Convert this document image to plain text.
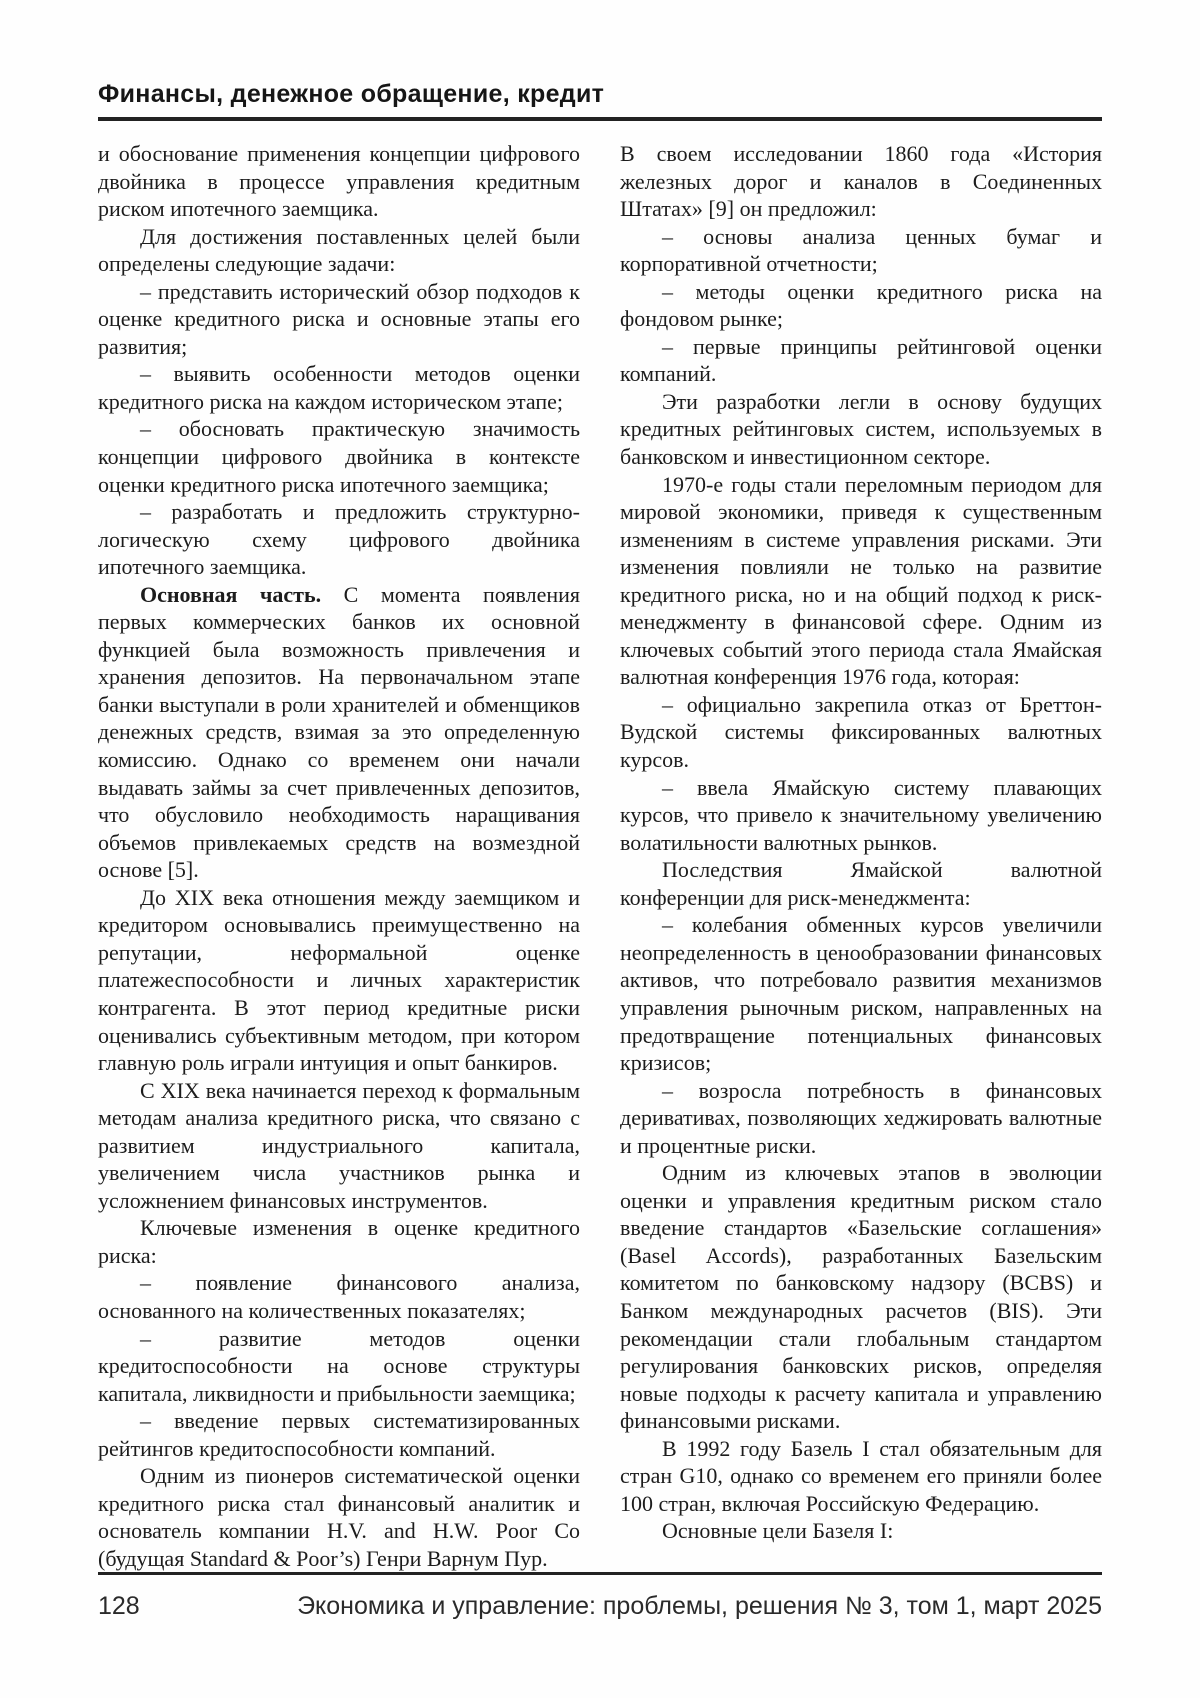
Финансы, денежное обращение, кредит

и обоснование применения концепции цифрового двойника в процессе управления кредитным риском ипотечного заемщика.

Для достижения поставленных целей были определены следующие задачи:

– представить исторический обзор подходов к оценке кредитного риска и основные этапы его развития;

– выявить особенности методов оценки кредитного риска на каждом историческом этапе;

– обосновать практическую значимость концепции цифрового двойника в контексте оценки кредитного риска ипотечного заемщика;

– разработать и предложить структурно-логическую схему цифрового двойника ипотечного заемщика.

Основная часть. С момента появления первых коммерческих банков их основной функцией была возможность привлечения и хранения депозитов. На первоначальном этапе банки выступали в роли хранителей и обменщиков денежных средств, взимая за это определенную комиссию. Однако со временем они начали выдавать займы за счет привлеченных депозитов, что обусловило необходимость наращивания объемов привлекаемых средств на возмездной основе [5].

До XIX века отношения между заемщиком и кредитором основывались преимущественно на репутации, неформальной оценке платежеспособности и личных характеристик контрагента. В этот период кредитные риски оценивались субъективным методом, при котором главную роль играли интуиция и опыт банкиров.

С XIX века начинается переход к формальным методам анализа кредитного риска, что связано с развитием индустриального капитала, увеличением числа участников рынка и усложнением финансовых инструментов.

Ключевые изменения в оценке кредитного риска:

– появление финансового анализа, основанного на количественных показателях;

– развитие методов оценки кредитоспособности на основе структуры капитала, ликвидности и прибыльности заемщика;

– введение первых систематизированных рейтингов кредитоспособности компаний.

Одним из пионеров систематической оценки кредитного риска стал финансовый аналитик и основатель компании H.V. and H.W. Poor Co (будущая Standard & Poor’s) Генри Варнум Пур.

В своем исследовании 1860 года «История железных дорог и каналов в Соединенных Штатах» [9] он предложил:

– основы анализа ценных бумаг и корпоративной отчетности;

– методы оценки кредитного риска на фондовом рынке;

– первые принципы рейтинговой оценки компаний.

Эти разработки легли в основу будущих кредитных рейтинговых систем, используемых в банковском и инвестиционном секторе.

1970-е годы стали переломным периодом для мировой экономики, приведя к существенным изменениям в системе управления рисками. Эти изменения повлияли не только на развитие кредитного риска, но и на общий подход к риск-менеджменту в финансовой сфере. Одним из ключевых событий этого периода стала Ямайская валютная конференция 1976 года, которая:

– официально закрепила отказ от Бреттон-Вудской системы фиксированных валютных курсов.

– ввела Ямайскую систему плавающих курсов, что привело к значительному увеличению волатильности валютных рынков.

Последствия Ямайской валютной конференции для риск-менеджмента:

– колебания обменных курсов увеличили неопределенность в ценообразовании финансовых активов, что потребовало развития механизмов управления рыночным риском, направленных на предотвращение потенциальных финансовых кризисов;

– возросла потребность в финансовых деривативах, позволяющих хеджировать валютные и процентные риски.

Одним из ключевых этапов в эволюции оценки и управления кредитным риском стало введение стандартов «Базельские соглашения» (Basel Accords), разработанных Базельским комитетом по банковскому надзору (BCBS) и Банком международных расчетов (BIS). Эти рекомендации стали глобальным стандартом регулирования банковских рисков, определяя новые подходы к расчету капитала и управлению финансовыми рисками.

В 1992 году Базель I стал обязательным для стран G10, однако со временем его приняли более 100 стран, включая Российскую Федерацию.

Основные цели Базеля I:

128	Экономика и управление: проблемы, решения № 3, том 1, март 2025
